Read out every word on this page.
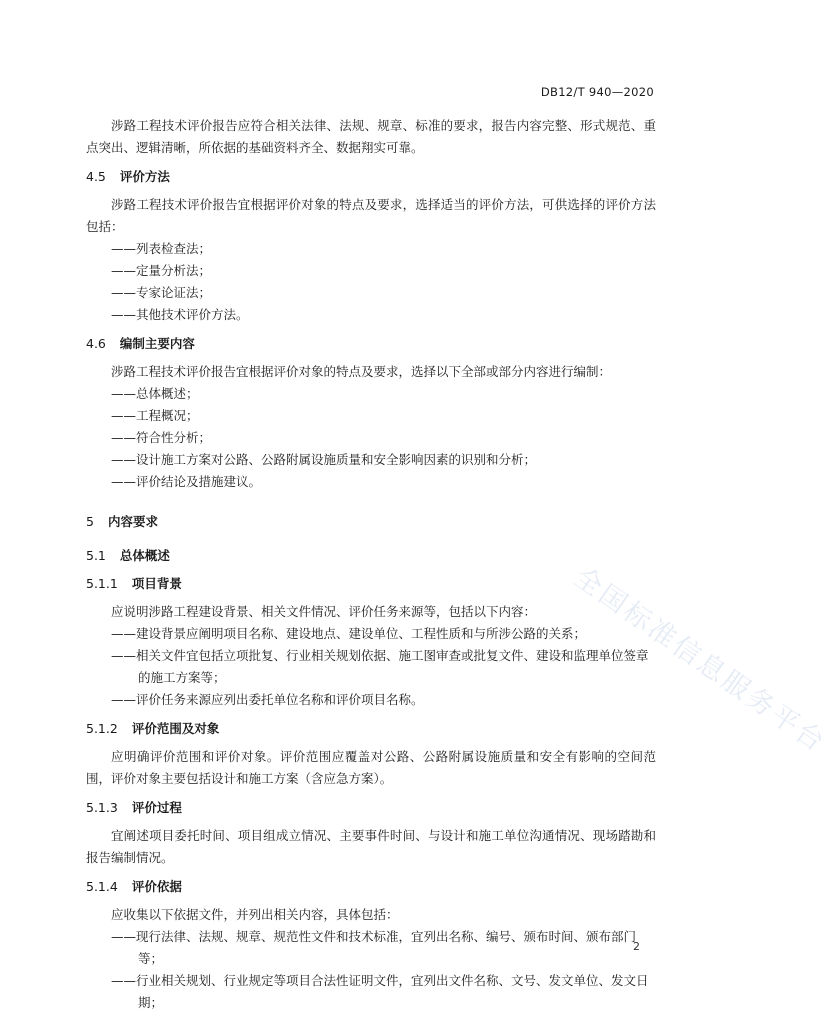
DB12/T 940—2020
全国标准信息服务平台

涉路工程技术评价报告应符合相关法律、法规、规章、标准的要求，报告内容完整、形式规范、重点突出、逻辑清晰，所依据的基础资料齐全、数据翔实可靠。

4.5 评价方法

涉路工程技术评价报告宜根据评价对象的特点及要求，选择适当的评价方法，可供选择的评价方法包括：

——列表检查法；

——定量分析法；

——专家论证法；

——其他技术评价方法。

4.6 编制主要内容

涉路工程技术评价报告宜根据评价对象的特点及要求，选择以下全部或部分内容进行编制：

——总体概述；

——工程概况；

——符合性分析；

——设计施工方案对公路、公路附属设施质量和安全影响因素的识别和分析；

——评价结论及措施建议。

5 内容要求
5.1 总体概述
5.1.1 项目背景

应说明涉路工程建设背景、相关文件情况、评价任务来源等，包括以下内容：

——建设背景应阐明项目名称、建设地点、建设单位、工程性质和与所涉公路的关系；

——相关文件宜包括立项批复、行业相关规划依据、施工图审查或批复文件、建设和监理单位签章的施工方案等；

——评价任务来源应列出委托单位名称和评价项目名称。

5.1.2 评价范围及对象

应明确评价范围和评价对象。评价范围应覆盖对公路、公路附属设施质量和安全有影响的空间范围，评价对象主要包括设计和施工方案（含应急方案）。

5.1.3 评价过程

宜阐述项目委托时间、项目组成立情况、主要事件时间、与设计和施工单位沟通情况、现场踏勘和报告编制情况。

5.1.4 评价依据

应收集以下依据文件，并列出相关内容，具体包括：

——现行法律、法规、规章、规范性文件和技术标准，宜列出名称、编号、颁布时间、颁布部门等；

——行业相关规划、行业规定等项目合法性证明文件，宜列出文件名称、文号、发文单位、发文日期；

2
